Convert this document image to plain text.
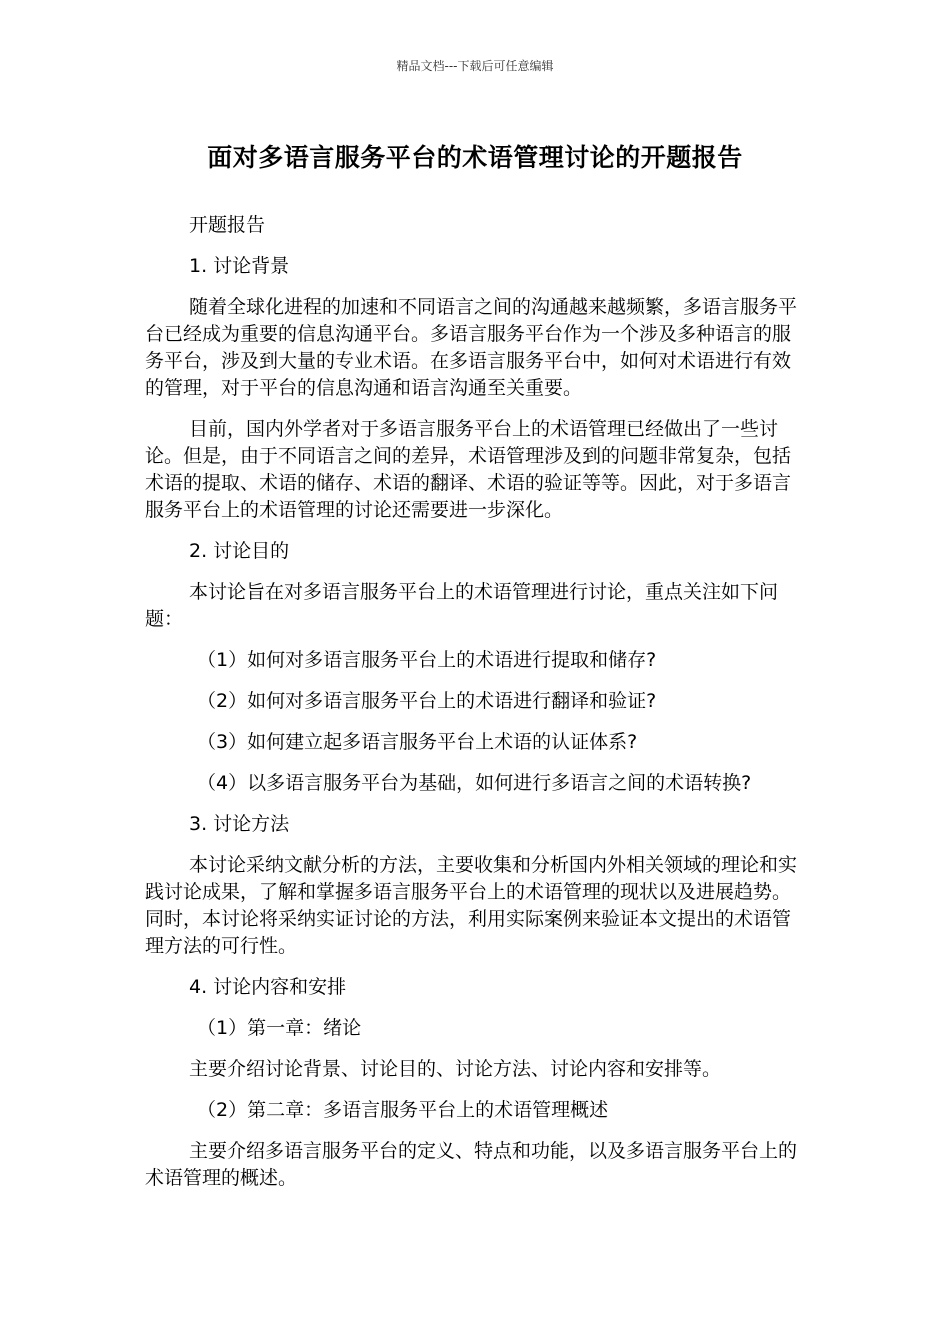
精品文档---下载后可任意编辑
面对多语言服务平台的术语管理讨论的开题报告

开题报告

1. 讨论背景

随着全球化进程的加速和不同语言之间的沟通越来越频繁，多语言服务平台已经成为重要的信息沟通平台。多语言服务平台作为一个涉及多种语言的服务平台，涉及到大量的专业术语。在多语言服务平台中，如何对术语进行有效的管理，对于平台的信息沟通和语言沟通至关重要。

目前，国内外学者对于多语言服务平台上的术语管理已经做出了一些讨论。但是，由于不同语言之间的差异，术语管理涉及到的问题非常复杂，包括术语的提取、术语的储存、术语的翻译、术语的验证等等。因此，对于多语言服务平台上的术语管理的讨论还需要进一步深化。

2. 讨论目的

本讨论旨在对多语言服务平台上的术语管理进行讨论，重点关注如下问题：

（1）如何对多语言服务平台上的术语进行提取和储存?

（2）如何对多语言服务平台上的术语进行翻译和验证?

（3）如何建立起多语言服务平台上术语的认证体系?

（4）以多语言服务平台为基础，如何进行多语言之间的术语转换?

3. 讨论方法

本讨论采纳文献分析的方法，主要收集和分析国内外相关领域的理论和实践讨论成果，了解和掌握多语言服务平台上的术语管理的现状以及进展趋势。同时，本讨论将采纳实证讨论的方法，利用实际案例来验证本文提出的术语管理方法的可行性。

4. 讨论内容和安排

（1）第一章：绪论

主要介绍讨论背景、讨论目的、讨论方法、讨论内容和安排等。

（2）第二章：多语言服务平台上的术语管理概述

主要介绍多语言服务平台的定义、特点和功能，以及多语言服务平台上的术语管理的概述。
